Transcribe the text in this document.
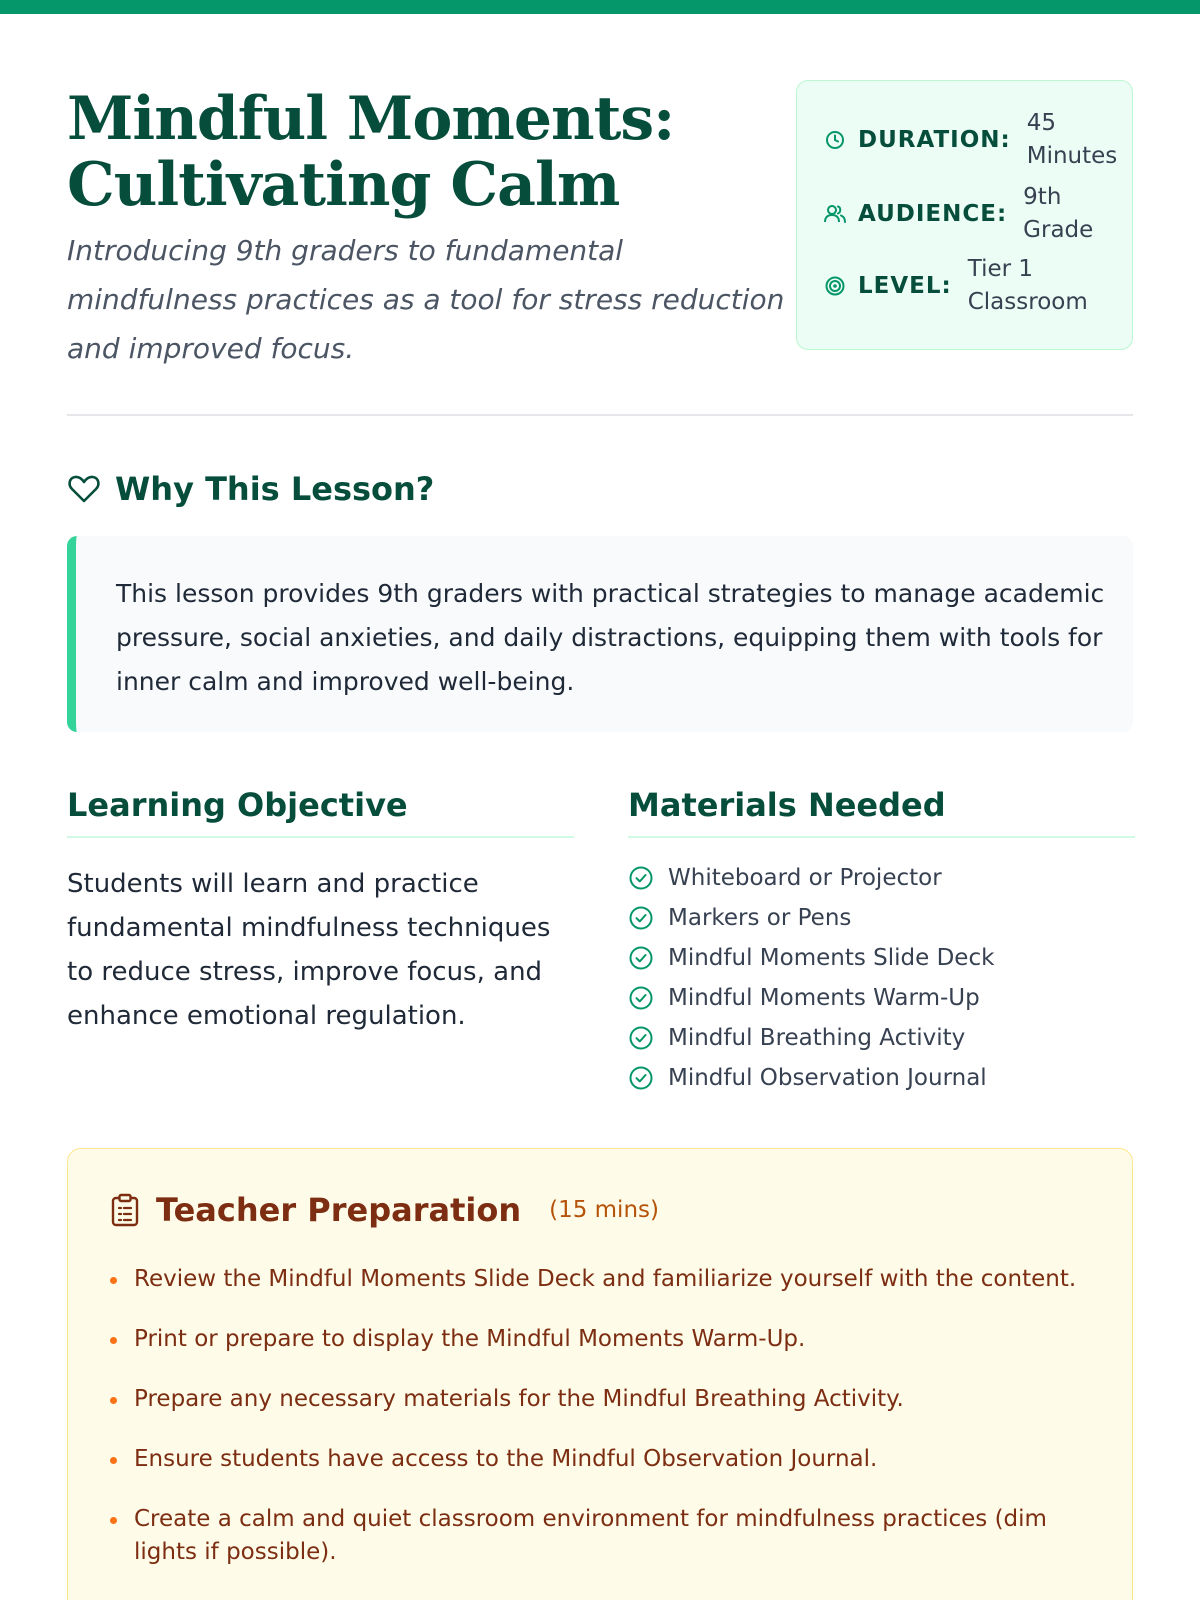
Mindful Moments: Cultivating Calm

Introducing 9th graders to fundamental mindfulness practices as a tool for stress reduction and improved focus.

DURATION:
45
Minutes
AUDIENCE:
9th
Grade
LEVEL:
Tier 1
Classroom
Why This Lesson?

This lesson provides 9th graders with practical strategies to manage academic pressure, social anxieties, and daily distractions, equipping them with tools for inner calm and improved well-being.

Learning Objective

Students will learn and practice fundamental mindfulness techniques to reduce stress, improve focus, and enhance emotional regulation.

Materials Needed
Whiteboard or Projector
Markers or Pens
Mindful Moments Slide Deck
Mindful Moments Warm-Up
Mindful Breathing Activity
Mindful Observation Journal
Teacher Preparation (15 mins)
Review the Mindful Moments Slide Deck and familiarize yourself with the content.
Print or prepare to display the Mindful Moments Warm-Up.
Prepare any necessary materials for the Mindful Breathing Activity.
Ensure students have access to the Mindful Observation Journal.
Create a calm and quiet classroom environment for mindfulness practices (dim lights if possible).
